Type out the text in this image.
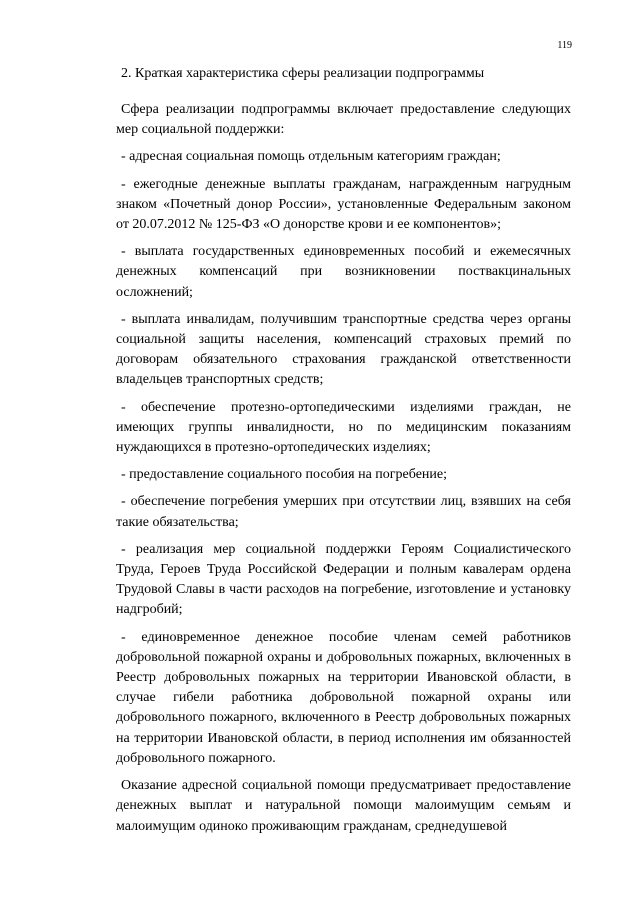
119
2. Краткая характеристика сферы реализации подпрограммы

Сфера реализации подпрограммы включает предоставление следующих мер социальной поддержки:

- адресная социальная помощь отдельным категориям граждан;

- ежегодные денежные выплаты гражданам, награжденным нагрудным знаком «Почетный донор России», установленные Федеральным законом от 20.07.2012 № 125-ФЗ «О донорстве крови и ее компонентов»;

- выплата государственных единовременных пособий и ежемесячных денежных компенсаций при возникновении поствакцинальных осложнений;

- выплата инвалидам, получившим транспортные средства через органы социальной защиты населения, компенсаций страховых премий по договорам обязательного страхования гражданской ответственности владельцев транспортных средств;

- обеспечение протезно-ортопедическими изделиями граждан, не имеющих группы инвалидности, но по медицинским показаниям нуждающихся в протезно-ортопедических изделиях;

- предоставление социального пособия на погребение;

- обеспечение погребения умерших при отсутствии лиц, взявших на себя такие обязательства;

- реализация мер социальной поддержки Героям Социалистического Труда, Героев Труда Российской Федерации и полным кавалерам ордена Трудовой Славы в части расходов на погребение, изготовление и установку надгробий;

- единовременное денежное пособие членам семей работников добровольной пожарной охраны и добровольных пожарных, включенных в Реестр добровольных пожарных на территории Ивановской области, в случае гибели работника добровольной пожарной охраны или добровольного пожарного, включенного в Реестр добровольных пожарных на территории Ивановской области, в период исполнения им обязанностей добровольного пожарного.

Оказание адресной социальной помощи предусматривает предоставление денежных выплат и натуральной помощи малоимущим семьям и малоимущим одиноко проживающим гражданам, среднедушевой
